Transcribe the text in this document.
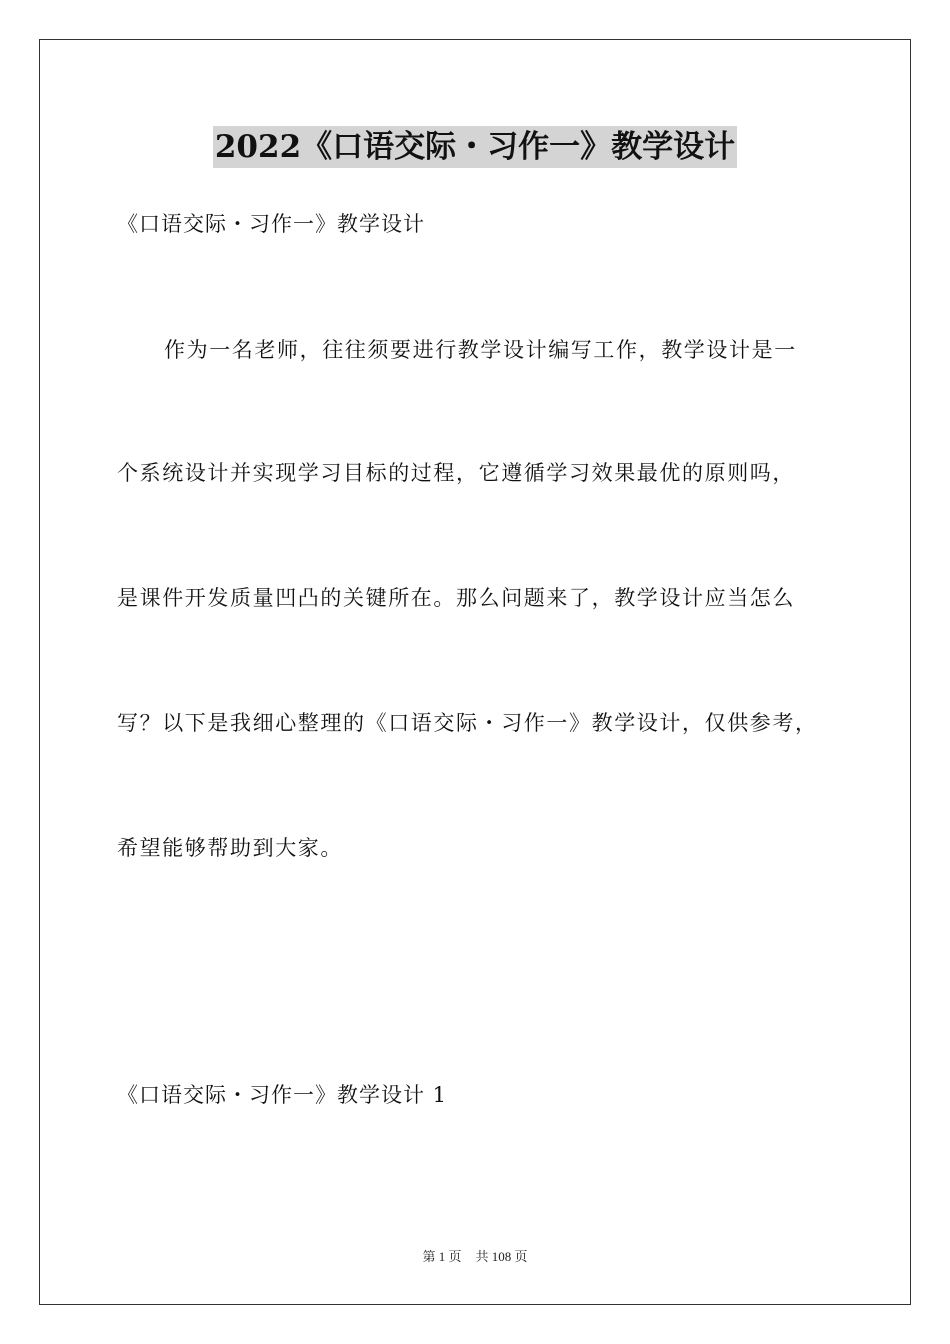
2022《口语交际・习作一》教学设计

《口语交际・习作一》教学设计

作为一名老师，往往须要进行教学设计编写工作，教学设计是一

个系统设计并实现学习目标的过程，它遵循学习效果最优的原则吗，

是课件开发质量凹凸的关键所在。那么问题来了，教学设计应当怎么

写？以下是我细心整理的《口语交际・习作一》教学设计，仅供参考，

希望能够帮助到大家。

《口语交际・习作一》教学设计 1

第 1 页 共 108 页
